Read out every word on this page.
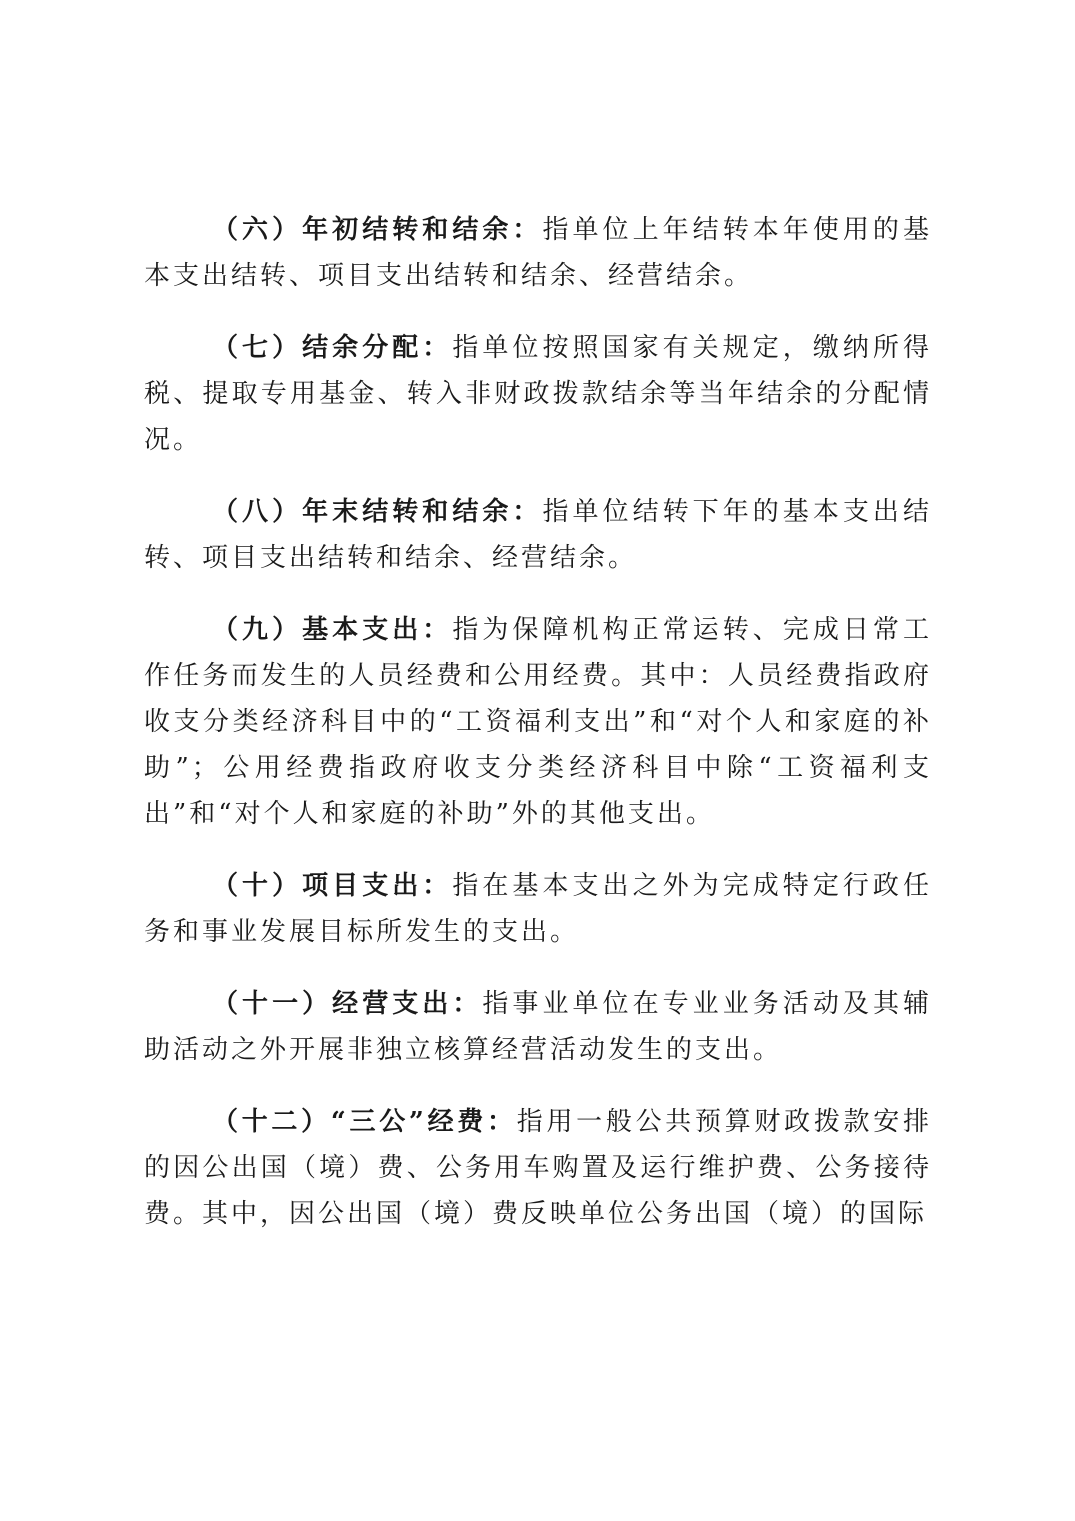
（六）年初结转和结余：指单位上年结转本年使用的基本支出结转、项目支出结转和结余、经营结余。

（七）结余分配：指单位按照国家有关规定，缴纳所得税、提取专用基金、转入非财政拨款结余等当年结余的分配情况。

（八）年末结转和结余：指单位结转下年的基本支出结转、项目支出结转和结余、经营结余。

（九）基本支出：指为保障机构正常运转、完成日常工作任务而发生的人员经费和公用经费。其中：人员经费指政府收支分类经济科目中的“工资福利支出”和“对个人和家庭的补助”；公用经费指政府收支分类经济科目中除“工资福利支出”和“对个人和家庭的补助”外的其他支出。

（十）项目支出：指在基本支出之外为完成特定行政任务和事业发展目标所发生的支出。

（十一）经营支出：指事业单位在专业业务活动及其辅助活动之外开展非独立核算经营活动发生的支出。

（十二）“三公”经费：指用一般公共预算财政拨款安排的因公出国（境）费、公务用车购置及运行维护费、公务接待费。其中，因公出国（境）费反映单位公务出国（境）的国际
